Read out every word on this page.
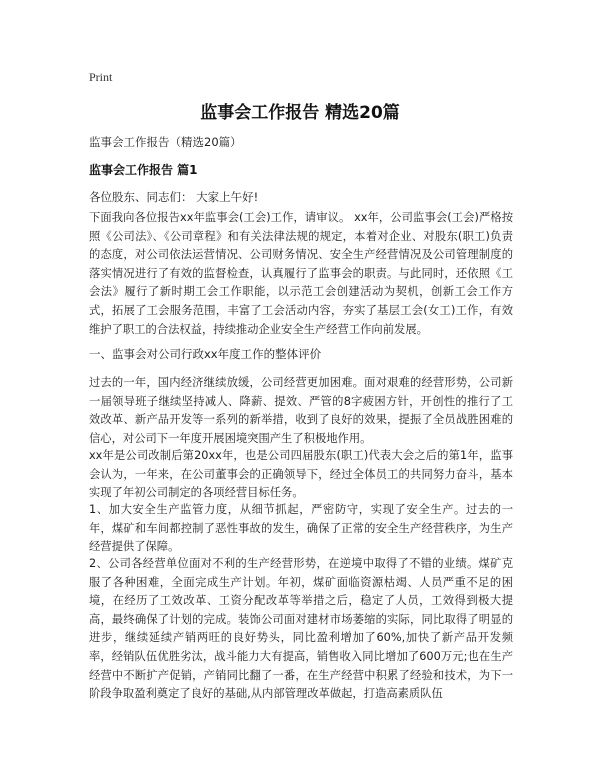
Print
监事会工作报告 精选20篇
监事会工作报告（精选20篇）
监事会工作报告 篇1
各位股东、同志们： 大家上午好!

下面我向各位报告xx年监事会(工会)工作，请审议。 xx年，公司监事会(工会)严格按照《公司法》、《公司章程》和有关法律法规的规定，本着对企业、对股东(职工)负责的态度，对公司依法运营情况、公司财务情况、安全生产经营情况及公司管理制度的落实情况进行了有效的监督检查，认真履行了监事会的职责。与此同时，还依照《工会法》履行了新时期工会工作职能，以示范工会创建活动为契机，创新工会工作方式，拓展了工会服务范围，丰富了工会活动内容，夯实了基层工会(女工)工作，有效维护了职工的合法权益，持续推动企业安全生产经营工作向前发展。

一、监事会对公司行政xx年度工作的整体评价

过去的一年，国内经济继续放缓，公司经营更加困难。面对艰难的经营形势，公司新一届领导班子继续坚持减人、降薪、提效、严管的8字疲困方针，开创性的推行了工效改革、新产品开发等一系列的新举措，收到了良好的效果，提振了全员战胜困难的信心，对公司下一年度开展困境突围产生了积极地作用。

xx年是公司改制后第20xx年，也是公司四届股东(职工)代表大会之后的第1年，监事会认为，一年来，在公司董事会的正确领导下，经过全体员工的共同努力奋斗，基本实现了年初公司制定的各项经营目标任务。

1、加大安全生产监管力度，从细节抓起，严密防守，实现了安全生产。过去的一年，煤矿和车间都控制了恶性事故的发生，确保了正常的安全生产经营秩序，为生产经营提供了保障。

2、公司各经营单位面对不利的生产经营形势，在逆境中取得了不错的业绩。煤矿克服了各种困难，全面完成生产计划。年初，煤矿面临资源枯竭、人员严重不足的困境，在经历了工效改革、工资分配改革等举措之后，稳定了人员，工效得到极大提高，最终确保了计划的完成。装饰公司面对建材市场萎缩的实际，同比取得了明显的进步，继续延续产销两旺的良好势头，同比盈利增加了60%,加快了新产品开发频率，经销队伍优胜劣汰，战斗能力大有提高，销售收入同比增加了600万元;也在生产经营中不断扩产促销，产销同比翻了一番，在生产经营中积累了经验和技术，为下一阶段争取盈利奠定了良好的基础,从内部管理改革做起，打造高素质队伍
